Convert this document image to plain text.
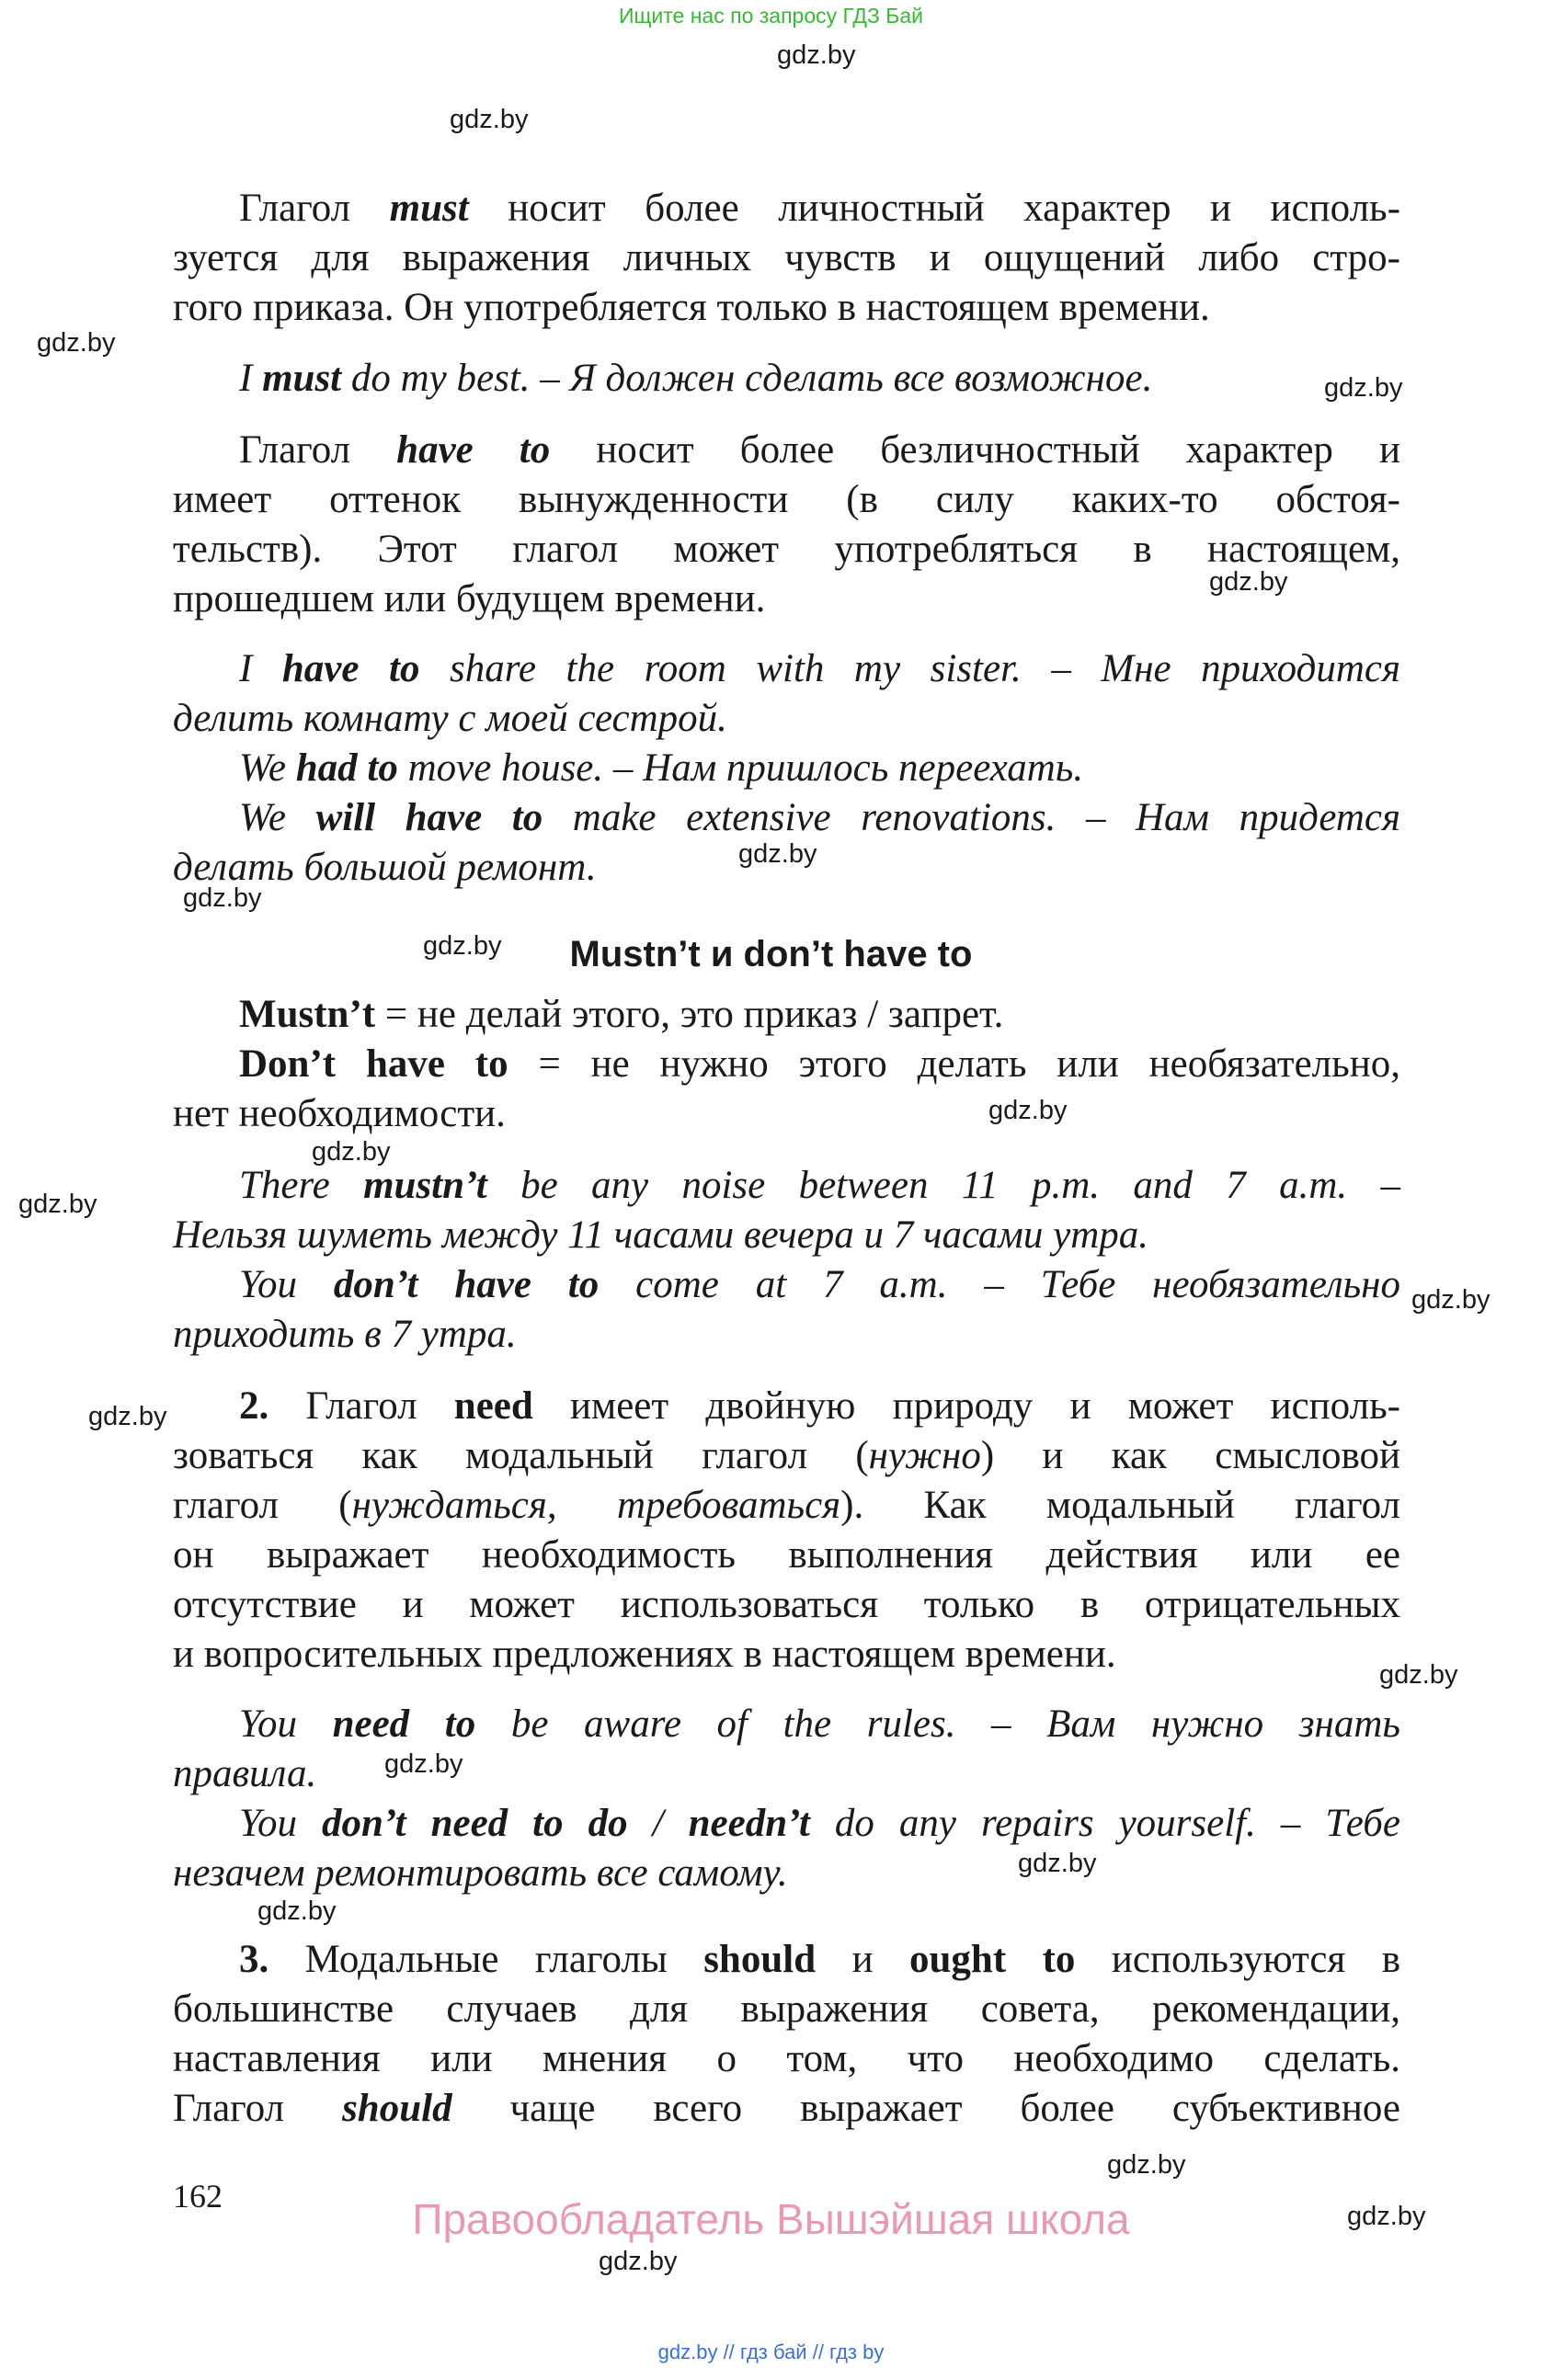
Ищите нас по запросу ГДЗ Бай
gdz.by
gdz.by
gdz.by
gdz.by
gdz.by
gdz.by
gdz.by
gdz.by
gdz.by
gdz.by
gdz.by
gdz.by
gdz.by
gdz.by
gdz.by
gdz.by
gdz.by
gdz.by
gdz.by
gdz.by
Глагол must носит более личностный характер и исполь-
зуется для выражения личных чувств и ощущений либо стро-
гого приказа. Он употребляется только в настоящем времени.
I must do my best. – Я должен сделать все возможное.
Глагол have to носит более безличностный характер и
имеет оттенок вынужденности (в силу каких-то обстоя-
тельств). Этот глагол может употребляться в настоящем,
прошедшем или будущем времени.
I have to share the room with my sister. – Мне приходится
делить комнату с моей сестрой.
We had to move house. – Нам пришлось переехать.
We will have to make extensive renovations. – Нам придется
делать большой ремонт.
Mustn’t и don’t have to
Mustn’t = не делай этого, это приказ / запрет.
Don’t have to = не нужно этого делать или необязательно,
нет необходимости.
There mustn’t be any noise between 11 p.m. and 7 a.m. –
Нельзя шуметь между 11 часами вечера и 7 часами утра.
You don’t have to come at 7 a.m. – Тебе необязательно
приходить в 7 утра.
2. Глагол need имеет двойную природу и может исполь-
зоваться как модальный глагол (нужно) и как смысловой
глагол (нуждаться, требоваться). Как модальный глагол
он выражает необходимость выполнения действия или ее
отсутствие и может использоваться только в отрицательных
и вопросительных предложениях в настоящем времени.
You need to be aware of the rules. – Вам нужно знать
правила.
You don’t need to do / needn’t do any repairs yourself. – Тебе
незачем ремонтировать все самому.
3. Модальные глаголы should и ought to используются в
большинстве случаев для выражения совета, рекомендации,
наставления или мнения о том, что необходимо сделать.
Глагол should чаще всего выражает более субъективное
162	Правообладатель Вышэйшая школа
gdz.by // гдз бай // гдз by
